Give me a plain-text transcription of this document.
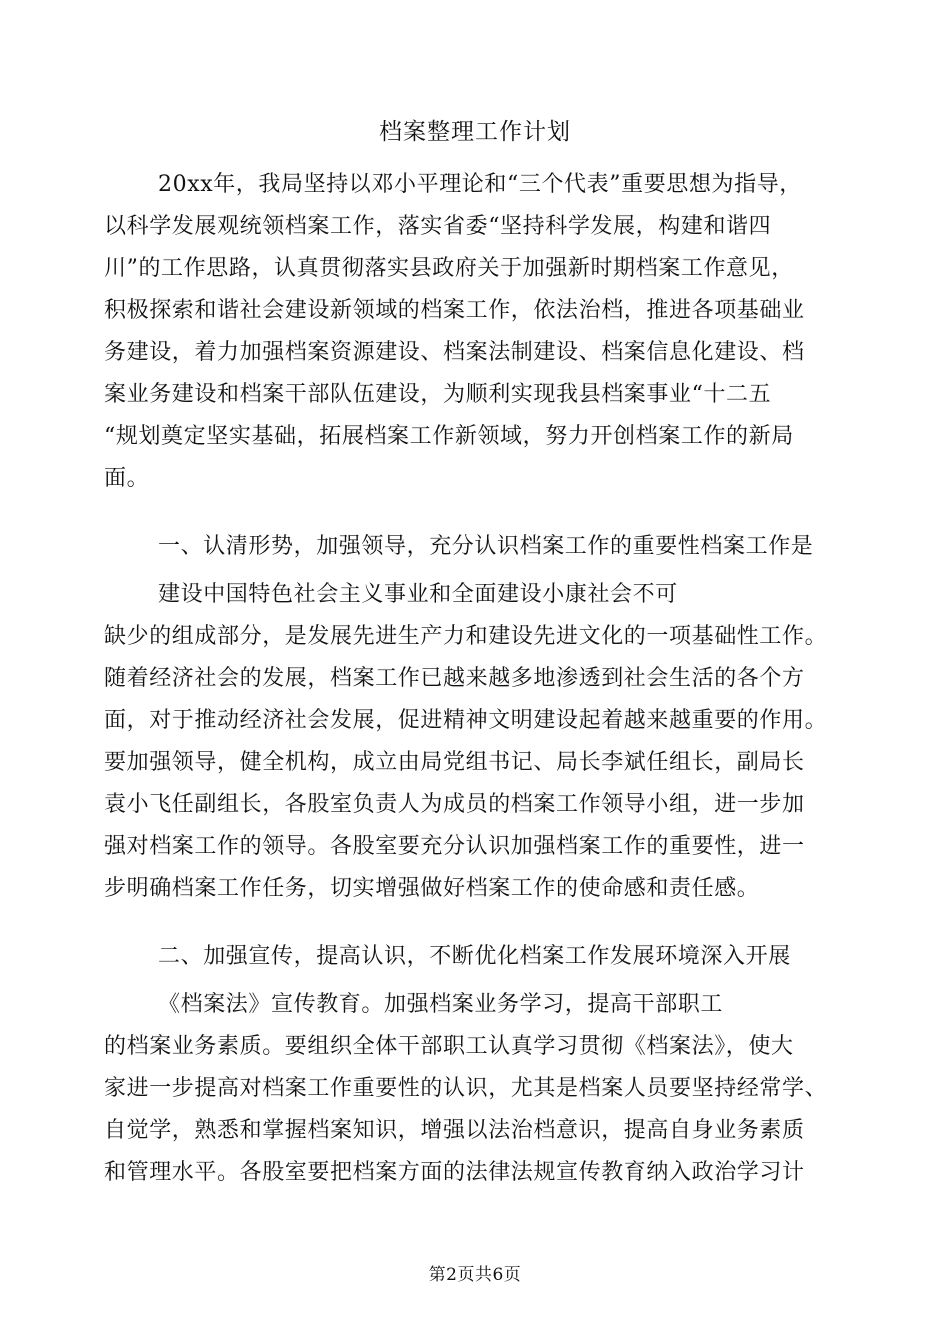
档案整理工作计划
20xx年，我局坚持以邓小平理论和“三个代表”重要思想为指导，
以科学发展观统领档案工作，落实省委“坚持科学发展，构建和谐四
川”的工作思路，认真贯彻落实县政府关于加强新时期档案工作意见，
积极探索和谐社会建设新领域的档案工作，依法治档，推进各项基础业
务建设，着力加强档案资源建设、档案法制建设、档案信息化建设、档
案业务建设和档案干部队伍建设，为顺利实现我县档案事业“十二五
“规划奠定坚实基础，拓展档案工作新领域，努力开创档案工作的新局
面。
一、认清形势，加强领导，充分认识档案工作的重要性档案工作是
建设中国特色社会主义事业和全面建设小康社会不可
缺少的组成部分，是发展先进生产力和建设先进文化的一项基础性工作。
随着经济社会的发展，档案工作已越来越多地渗透到社会生活的各个方
面，对于推动经济社会发展，促进精神文明建设起着越来越重要的作用。
要加强领导，健全机构，成立由局党组书记、局长李斌任组长，副局长
袁小飞任副组长，各股室负责人为成员的档案工作领导小组，进一步加
强对档案工作的领导。各股室要充分认识加强档案工作的重要性，进一
步明确档案工作任务，切实增强做好档案工作的使命感和责任感。
二、加强宣传，提高认识，不断优化档案工作发展环境深入开展
《档案法》宣传教育。加强档案业务学习，提高干部职工
的档案业务素质。要组织全体干部职工认真学习贯彻《档案法》，使大
家进一步提高对档案工作重要性的认识，尤其是档案人员要坚持经常学、
自觉学，熟悉和掌握档案知识，增强以法治档意识，提高自身业务素质
和管理水平。各股室要把档案方面的法律法规宣传教育纳入政治学习计
第2页共6页
